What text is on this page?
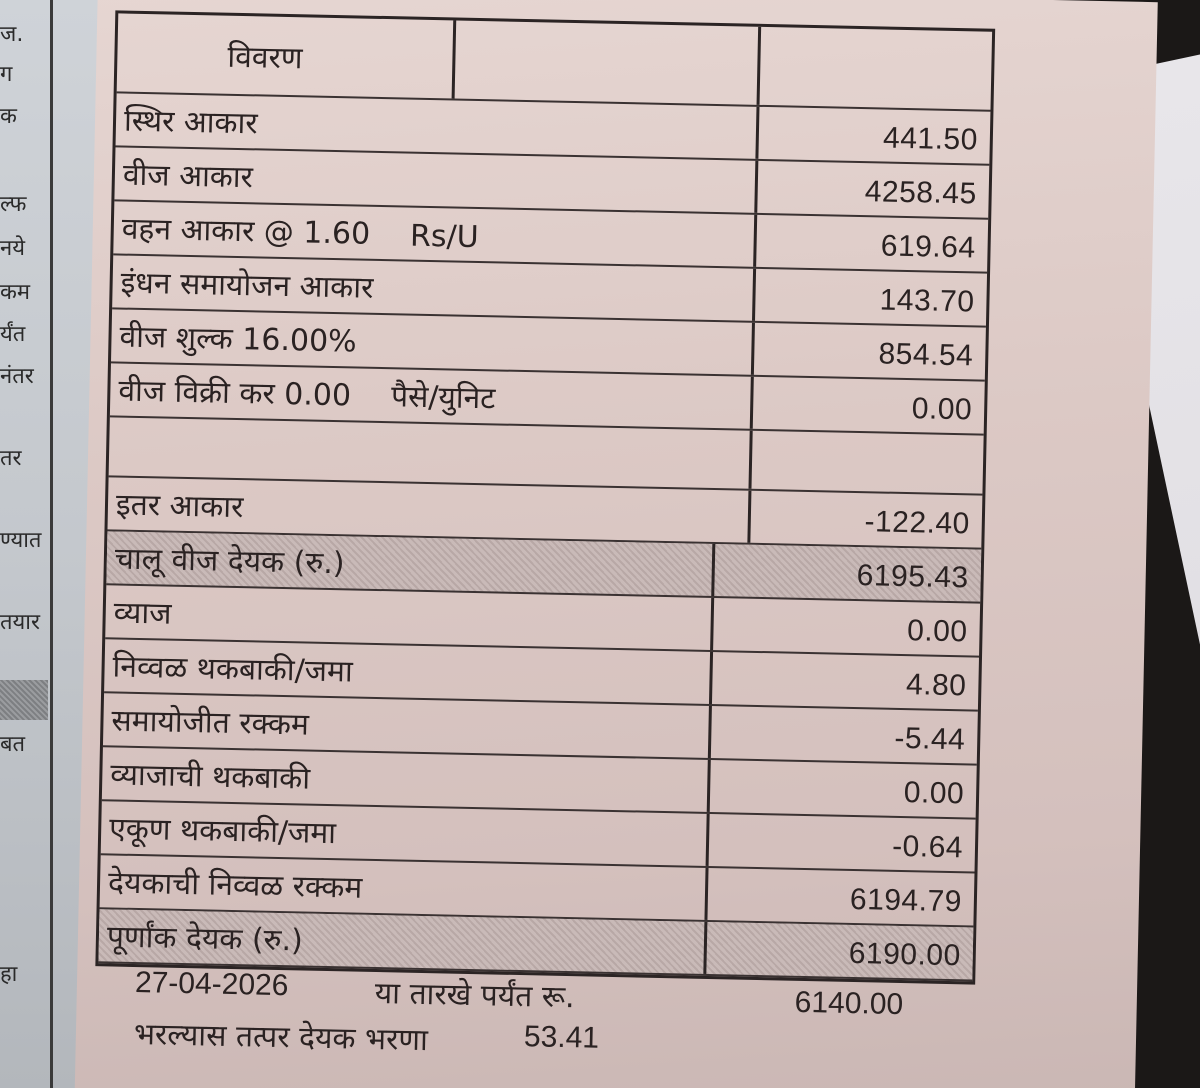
ज.
ग
क
ल्फ
नये
कम
र्यंत
नंतर
तर
ण्यात
तयार
बत
हा
विवरण
स्थिर आकार	441.50
वीज आकार	4258.45
वहन आकार @ 1.60	Rs/U	619.64
इंधन समायोजन आकार	143.70
वीज शुल्क 16.00%	854.54
वीज विक्री कर 0.00	पैसे/युनिट	0.00
इतर आकार	-122.40
चालू वीज देयक (रु.)	6195.43
व्याज	0.00
निव्वळ थकबाकी/जमा	4.80
समायोजीत रक्कम	-5.44
व्याजाची थकबाकी	0.00
एकूण थकबाकी/जमा	-0.64
देयकाची निव्वळ रक्कम	6194.79
पूर्णांक देयक (रु.)	6190.00
27-04-2026	या तारखे पर्यंत रू.	6140.00
भरल्यास तत्पर देयक भरणा	53.41
